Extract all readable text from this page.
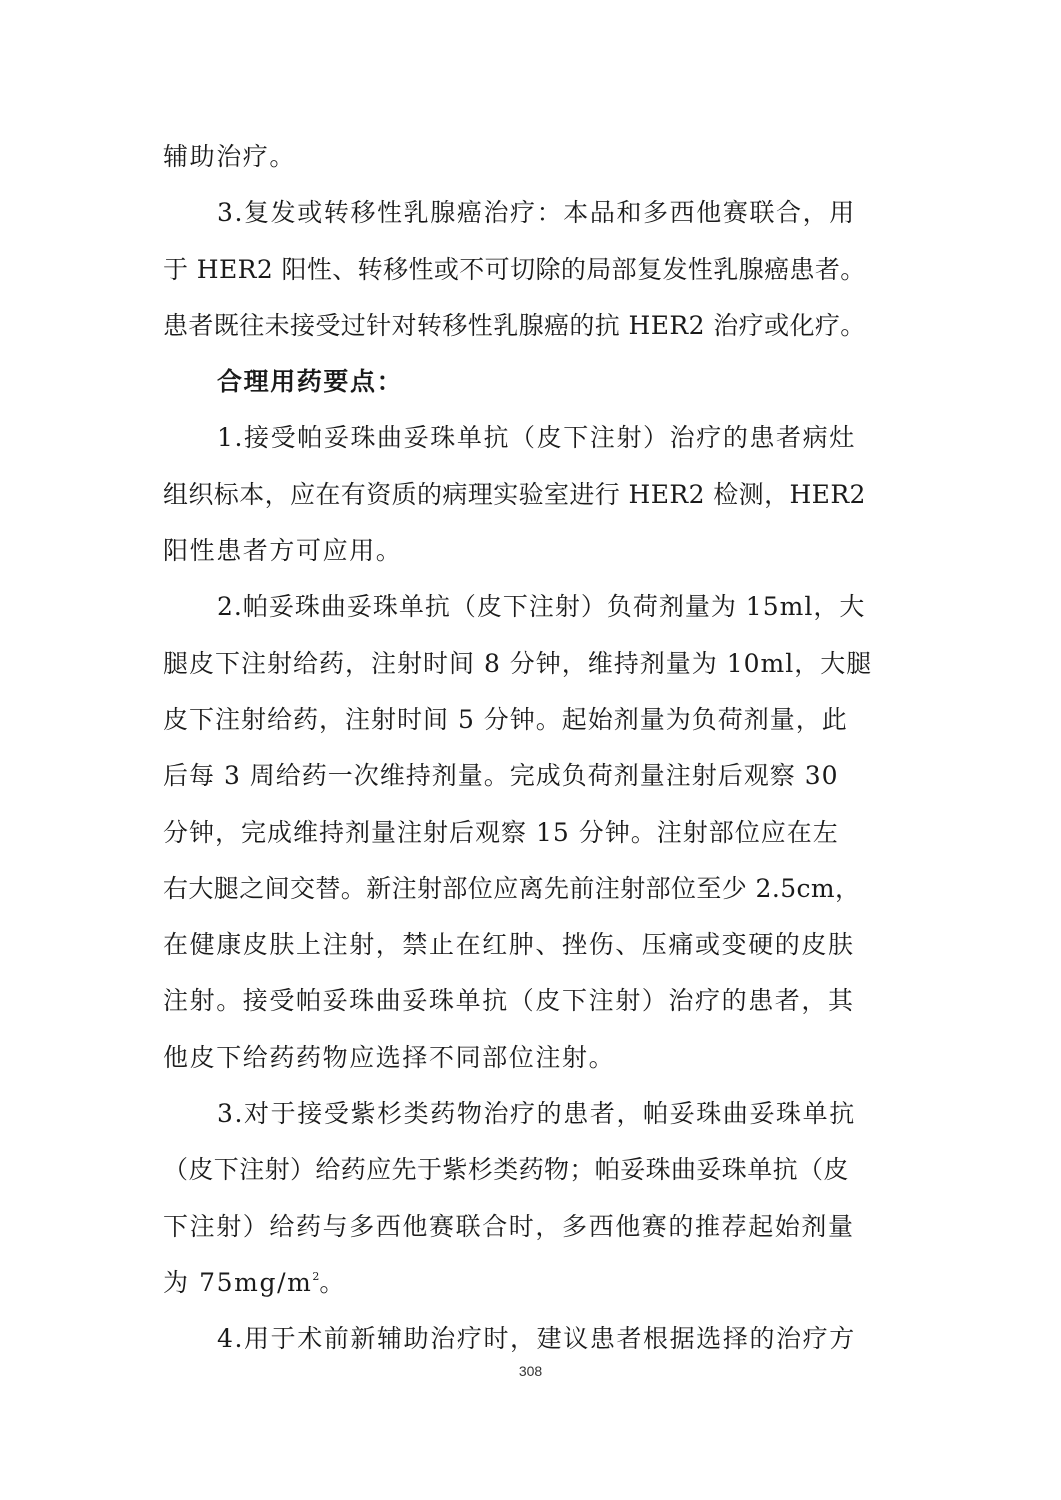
辅助治疗。
3.复发或转移性乳腺癌治疗：本品和多西他赛联合，用
于 HER2 阳性、转移性或不可切除的局部复发性乳腺癌患者。
患者既往未接受过针对转移性乳腺癌的抗 HER2 治疗或化疗。
合理用药要点：
1.接受帕妥珠曲妥珠单抗（皮下注射）治疗的患者病灶
组织标本，应在有资质的病理实验室进行 HER2 检测，HER2
阳性患者方可应用。
2.帕妥珠曲妥珠单抗（皮下注射）负荷剂量为 15ml，大
腿皮下注射给药，注射时间 8 分钟，维持剂量为 10ml，大腿
皮下注射给药，注射时间 5 分钟。起始剂量为负荷剂量，此
后每 3 周给药一次维持剂量。完成负荷剂量注射后观察 30
分钟，完成维持剂量注射后观察 15 分钟。注射部位应在左
右大腿之间交替。新注射部位应离先前注射部位至少 2.5cm，
在健康皮肤上注射，禁止在红肿、挫伤、压痛或变硬的皮肤
注射。接受帕妥珠曲妥珠单抗（皮下注射）治疗的患者，其
他皮下给药药物应选择不同部位注射。
3.对于接受紫杉类药物治疗的患者，帕妥珠曲妥珠单抗
（皮下注射）给药应先于紫杉类药物；帕妥珠曲妥珠单抗（皮
下注射）给药与多西他赛联合时，多西他赛的推荐起始剂量
为 $75mg/m^2$。
4.用于术前新辅助治疗时，建议患者根据选择的治疗方
308
